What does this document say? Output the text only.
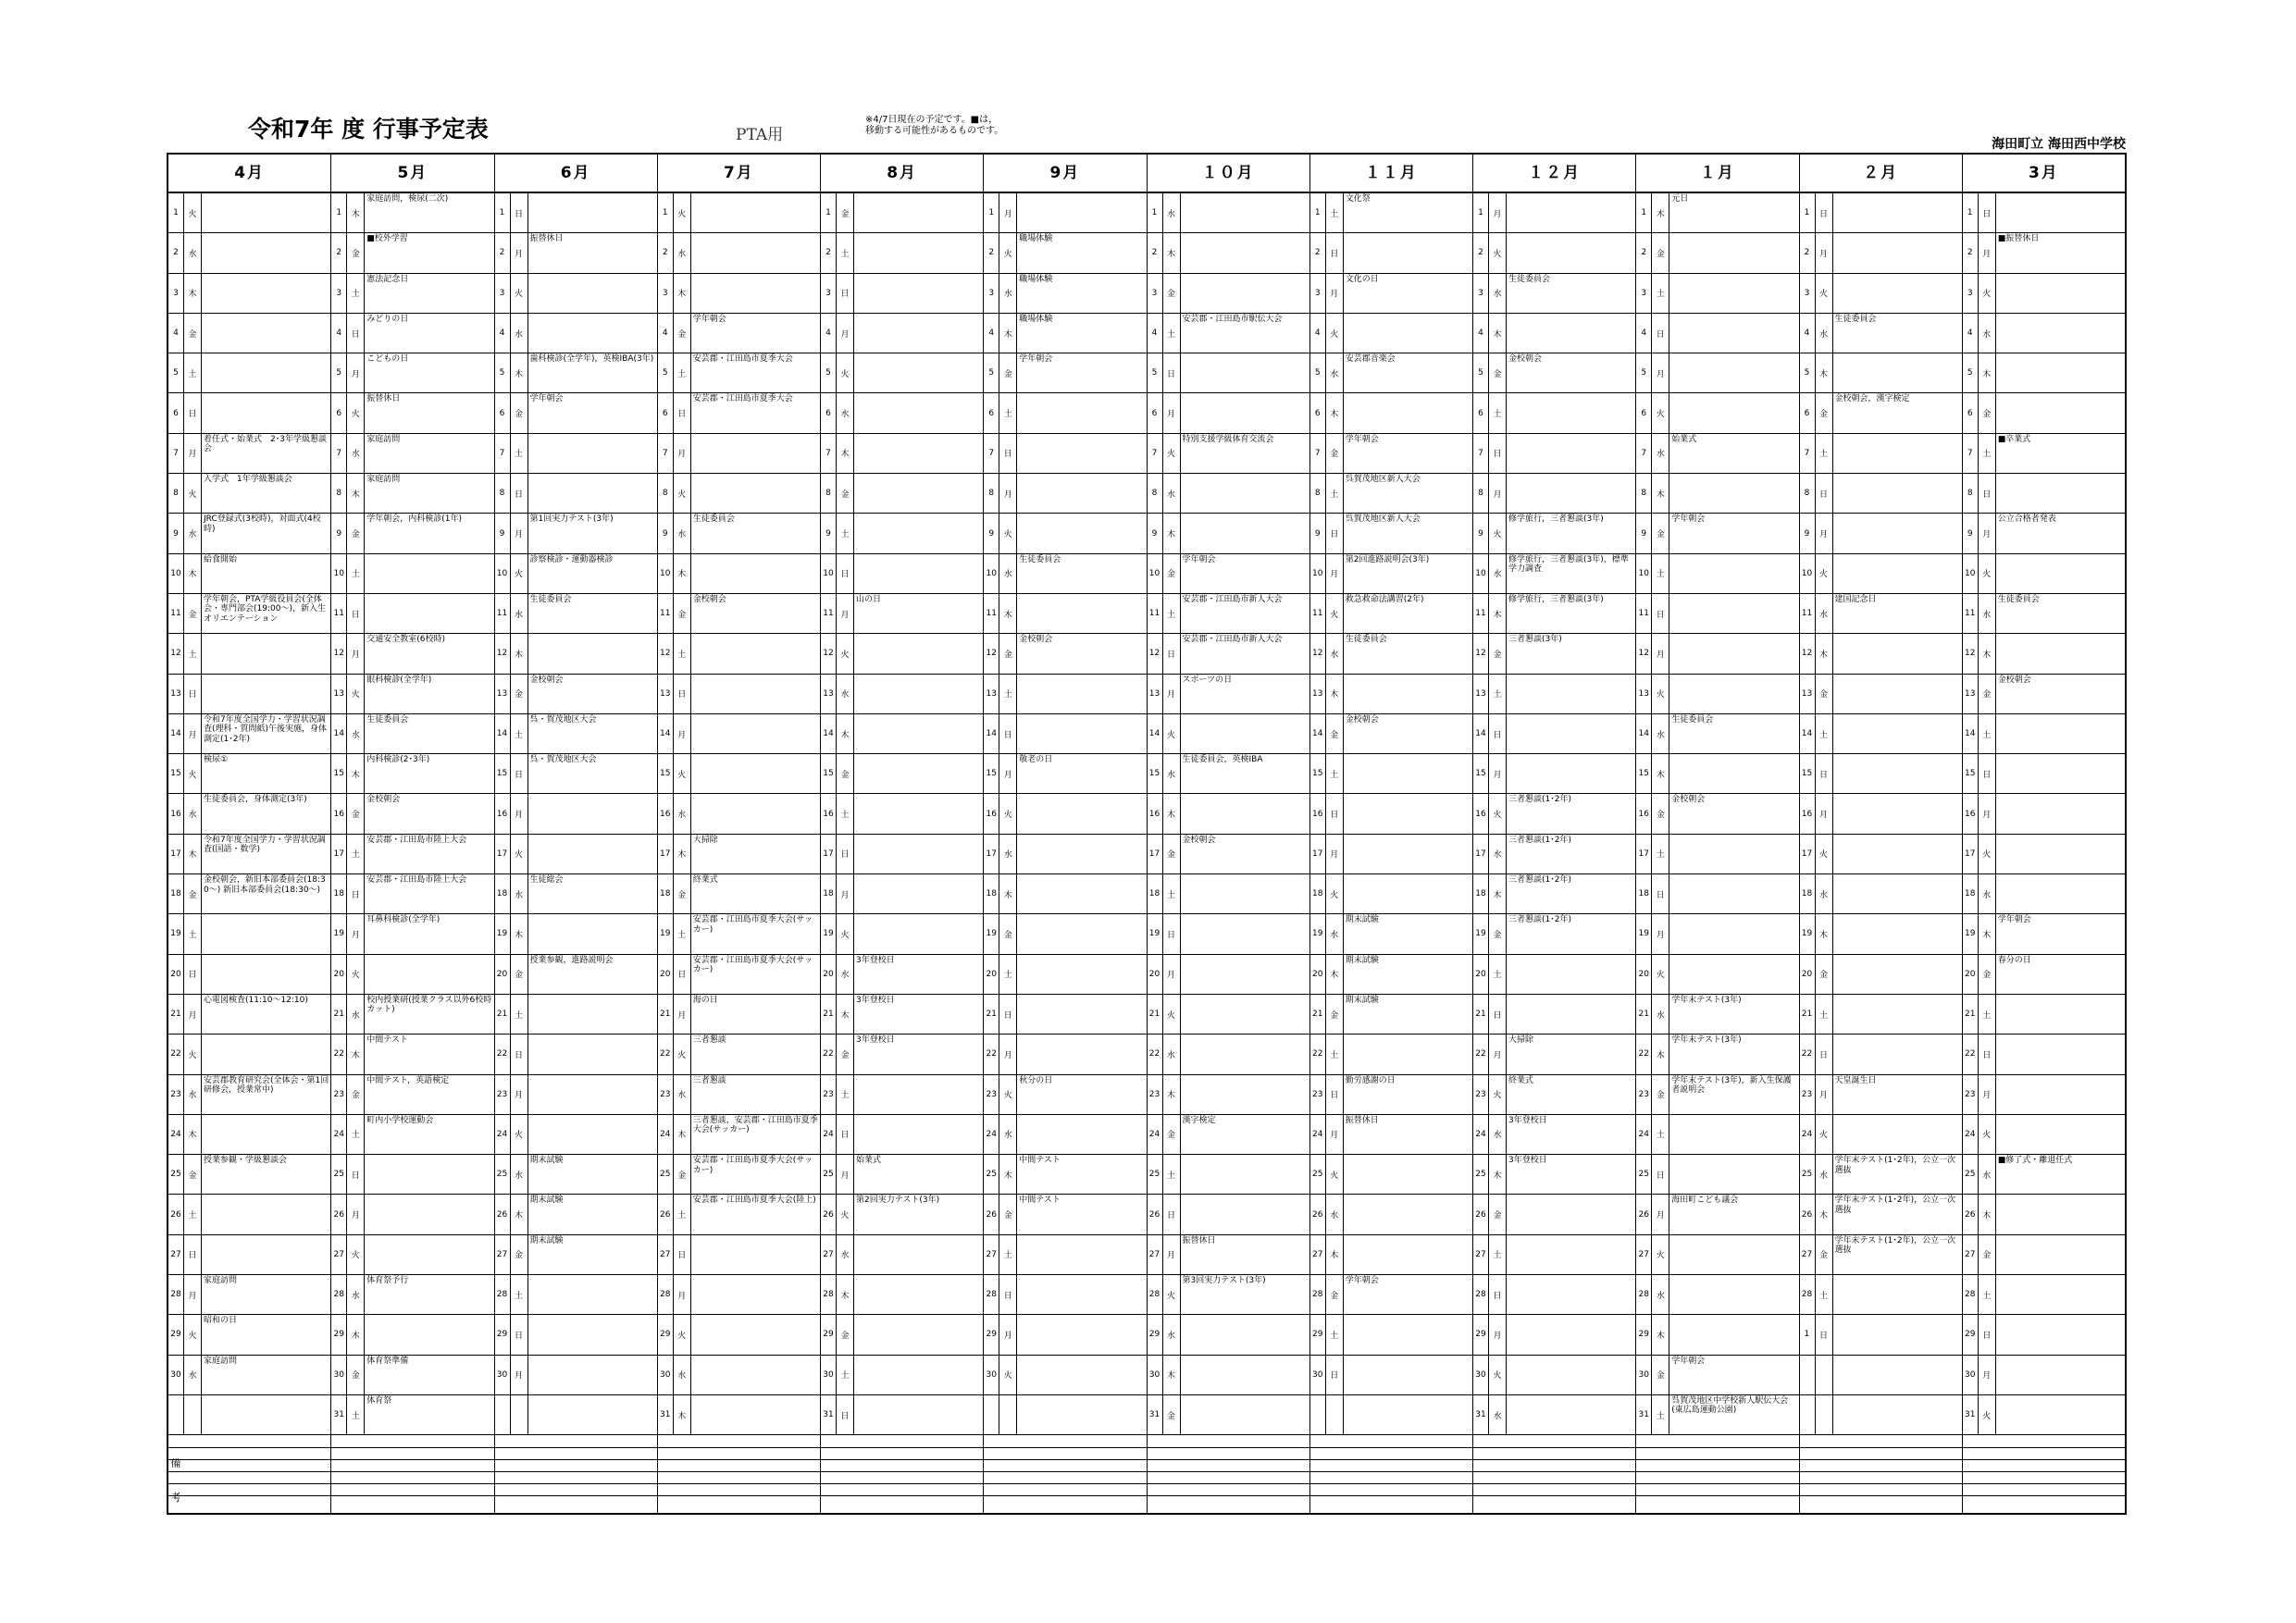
令和7年 度 行事予定表	PTA用
※4/7日現在の予定です。■は，移動する可能性があるものです。
海田町立 海田西中学校
4月
1	火
2	水
3	木
4	金
5	土
6	日
7	月
着任式・始業式　2･3年学級懇談会
8	火
入学式　1年学級懇談会
9	水
JRC登録式(3校時)，対面式(4校時)
10 木
給食開始
11 金
学年朝会，PTA学級役員会(全体会・専門部会(19:00～)，新入生オリエンテーション
12 土
13 日
14 月
令和7年度全国学力・学習状況調査(理科・質問紙)午後実施，身体測定(1･2年)
15 火
検尿①
16 水
生徒委員会，身体測定(3年)
17 木
令和7年度全国学力・学習状況調査(国語・数学)
18 金
金校朝会，新旧本部委員会(18:30～) 新旧本部委員会(18:30～)
19 土
20 日
21 月
心電図検査(11:10～12:10)
22 火
23 水
安芸郡教育研究会(全体会・第1回研修会，授業常中)
24 木
25 金
授業参観・学級懇談会
26 土
27 日
28 月
家庭訪問
29 火
昭和の日
30 水
家庭訪問
5月
1	木
家庭訪問，検尿(二次)
2	金
■校外学習
3	土
憲法記念日
4	日
みどりの日
5	月
こどもの日
6	火
振替休日
7	水
家庭訪問
8	木
家庭訪問
9	金
学年朝会，内科検診(1年)
10 土
11 日
12 月
交通安全教室(6校時)
13 火
眼科検診(全学年)
14 水
生徒委員会
15 木
内科検診(2･3年)
16 金
金校朝会
17 土
安芸郡・江田島市陸上大会
18 日
安芸郡・江田島市陸上大会
19 月
耳鼻科検診(全学年)
20 火
21 水
校内授業研(授業クラス以外6校時カット)
22 木
中間テスト
23 金
中間テスト，英語検定
24 土
町内小学校運動会
25 日
26 月
27 火
28 水
体育祭予行
29 木
30 金
体育祭準備
31 土
体育祭
6月
1	日
2	月
振替休日
3	火
4	水
5	木
歯科検診(全学年)，英検IBA(3年)
6	金
学年朝会
7	土
8	日
9	月
第1回実力テスト(3年)
10 火
診察検診・運動器検診
11 水
生徒委員会
12 木
13 金
金校朝会
14 土
呉・賀茂地区大会
15 日
呉・賀茂地区大会
16 月
17 火
18 水
生徒総会
19 木
20 金
授業参観，進路説明会
21 土
22 日
23 月
24 火
25 水
期末試験
26 木
期末試験
27 金
期末試験
28 土
29 日
30 月
7月
1	火
2	水
3	木
4	金
学年朝会
5	土
安芸郡・江田島市夏季大会
6	日
安芸郡・江田島市夏季大会
7	月
8	火
9	水
生徒委員会
10 木
11 金
金校朝会
12 土
13 日
14 月
15 火
16 水
17 木
大掃除
18 金
終業式
19 土
安芸郡・江田島市夏季大会(サッカー)
20 日
安芸郡・江田島市夏季大会(サッカー)
21 月
海の日
22 火
三者懇談
23 水
三者懇談
24 木
三者懇談，安芸郡・江田島市夏季大会(サッカー)
25 金
安芸郡・江田島市夏季大会(サッカー)
26 土
安芸郡・江田島市夏季大会(陸上)
27 日
28 月
29 火
30 水
31 木
8月
1	金
2	土
3	日
4	月
5	火
6	水
7	木
8	金
9	土
10 日
11 月
山の日
12 火
13 水
14 木
15 金
16 土
17 日
18 月
19 火
20 水
3年登校日
21 木
3年登校日
22 金
3年登校日
23 土
24 日
25 月
始業式
26 火
第2回実力テスト(3年)
27 水
28 木
29 金
30 土
31 日
9月
1	月
2	火
職場体験
3	水
職場体験
4	木
職場体験
5	金
学年朝会
6	土
7	日
8	月
9	火
10 水
生徒委員会
11 木
12 金
金校朝会
13 土
14 日
15 月
敬老の日
16 火
17 水
18 木
19 金
20 土
21 日
22 月
23 火
秋分の日
24 水
25 木
中間テスト
26 金
中間テスト
27 土
28 日
29 月
30 火
１０月
1	水
2	木
3	金
4	土
安芸郡・江田島市駅伝大会
5	日
6	月
7	火
特別支援学級体育交流会
8	水
9	木
10 金
学年朝会
11 土
安芸郡・江田島市新人大会
12 日
安芸郡・江田島市新人大会
13 月
スポーツの日
14 火
15 水
生徒委員会，英検IBA
16 木
17 金
金校朝会
18 土
19 日
20 月
21 火
22 水
23 木
24 金
漢字検定
25 土
26 日
27 月
振替休日
28 火
第3回実力テスト(3年)
29 水
30 木
31 金
１１月
1	土
文化祭
2	日
3	月
文化の日
4	火
5	水
安芸郡音楽会
6	木
7	金
学年朝会
8	土
呉賀茂地区新人大会
9	日
呉賀茂地区新人大会
10 月
第2回進路説明会(3年)
11 火
救急救命法講習(2年)
12 水
生徒委員会
13 木
14 金
金校朝会
15 土
16 日
17 月
18 火
19 水
期末試験
20 木
期末試験
21 金
期末試験
22 土
23 日
勤労感謝の日
24 月
振替休日
25 火
26 水
27 木
28 金
学年朝会
29 土
30 日
１２月
1	月
2	火
3	水
生徒委員会
4	木
5	金
金校朝会
6	土
7	日
8	月
9	火
修学旅行，三者懇談(3年)
10 水
修学旅行，三者懇談(3年)，標準学力調査
11 木
修学旅行，三者懇談(3年)
12 金
三者懇談(3年)
13 土
14 日
15 月
16 火
三者懇談(1･2年)
17 水
三者懇談(1･2年)
18 木
三者懇談(1･2年)
19 金
三者懇談(1･2年)
20 土
21 日
22 月
大掃除
23 火
終業式
24 水
3年登校日
25 木
3年登校日
26 金
27 土
28 日
29 月
30 火
31 水
１月
1	木
元日
2	金
3	土
4	日
5	月
6	火
7	水
始業式
8	木
9	金
学年朝会
10 土
11 日
12 月
13 火
14 水
生徒委員会
15 木
16 金
金校朝会
17 土
18 日
19 月
20 火
21 水
学年末テスト(3年)
22 木
学年末テスト(3年)
23 金
学年末テスト(3年)，新入生保護者説明会
24 土
25 日
26 月
海田町こども議会
27 火
28 水
29 木
30 金
学年朝会
31 土
呉賀茂地区中学校新人駅伝大会(東広島運動公園)
２月
1	日
2	月
3	火
4	水
生徒委員会
5	木
6	金
金校朝会，漢字検定
7	土
8	日
9	月
10 火
11 水
建国記念日
12 木
13 金
14 土
15 日
16 月
17 火
18 水
19 木
20 金
21 土
22 日
23 月
天皇誕生日
24 火
25 水
学年末テスト(1･2年)，公立一次選抜
26 木
学年末テスト(1･2年)，公立一次選抜
27 金
学年末テスト(1･2年)，公立一次選抜
28 土
1	日
3月
1	日
2	月
■振替休日
3	火
4	水
5	木
6	金
7	土
■卒業式
8	日
9	月
公立合格者発表
10 火
11 水
生徒委員会
12 木
13 金
金校朝会
14 土
15 日
16 月
17 火
18 水
19 木
学年朝会
20 金
春分の日
21 土
22 日
23 月
24 火
25 水
■修了式・離退任式
26 木
27 金
28 土
29 日
30 月
31 火
備
考
